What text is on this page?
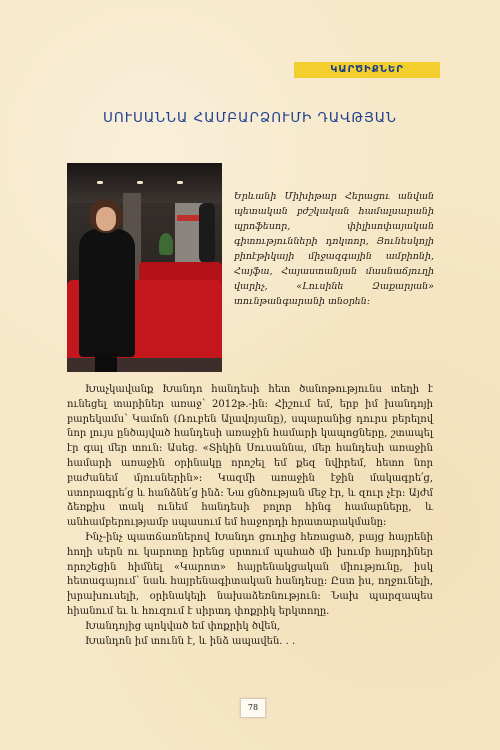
ԿԱՐԾԻՔՆԵՐ
ՍՈՒՍԱՆՆԱ ՀԱՄԲԱՐՁՈՒՄԻ ԴԱՎԹՅԱՆ
Երևանի Միխիթար Հերացու անվան պետական բժշկական համալսարանի պրոֆեսոր, փիլիսոփայական գիտությունների դոկտոր, Յունեսկոյի բիոէթիկայի միջազգային ամբիոնի, Հայֆա, Հայաստանյան մասնաճյուղի վարիչ, «Լուսինե Զաքարյան» տունթանգարանի տնօրեն։

Խաչկավանք Խանդո հանդեսի հետ ծանոթությունս տեղի է ունեցել տարիներ առաջ՝ 2012թ.-ին։ Հիշում եմ, երբ իմ խանդոյի բարեկամս՝ Կամոն (Ռուբեն Ալավոյանը), սպարանից դուրս բերելով նոր լույս ընծայված հանդեսի առաջին համարի կապոցները, շտապել էր գալ մեր տուն։ Ասեց. «Տիկին Սուսաննա, մեր հանդեսի առաջին համարի առաջին օրինակը որոշել եմ քեզ նվիրեմ, հետո նոր բաժանեմ մյուսներին»։ Կազմի առաջին էջին մակագրե՛ց, ստորագրե՛ց և հանձնե՛ց ինձ։ Նա ցնծության մեջ էր, և զուր չէր։ Այժմ ձեռքիս տակ ունեմ հանդեսի բոլոր հինգ համարները, և անհամբերությամբ սպասում եմ հաջորդի հրատարակմանը։

Ինչ-ինչ պատճառներով Խանդո ցուղից հեռացած, բայց հայրենի հողի սերն ու կարոտը իրենց սրտում պահած մի խումբ հայրդիներ որոշեցին հիմնել «Կարոտ» հայրենակցական միությունը, իսկ հետագայում՝ նաև հայրենագիտական հանդեսը։ Ըստ իս, ողջունելի, խրախուսելի, օրինակելի նախաձեռնություն։ Նախ պարզապես հիանում եւ և հուզում է սիրտդ փոքրիկ երկտողը.

Խանդոյից պոկված եմ փոքրիկ ծվեն,

Խանդոն իմ տունն է, և ինձ ապավեն. . .

78
